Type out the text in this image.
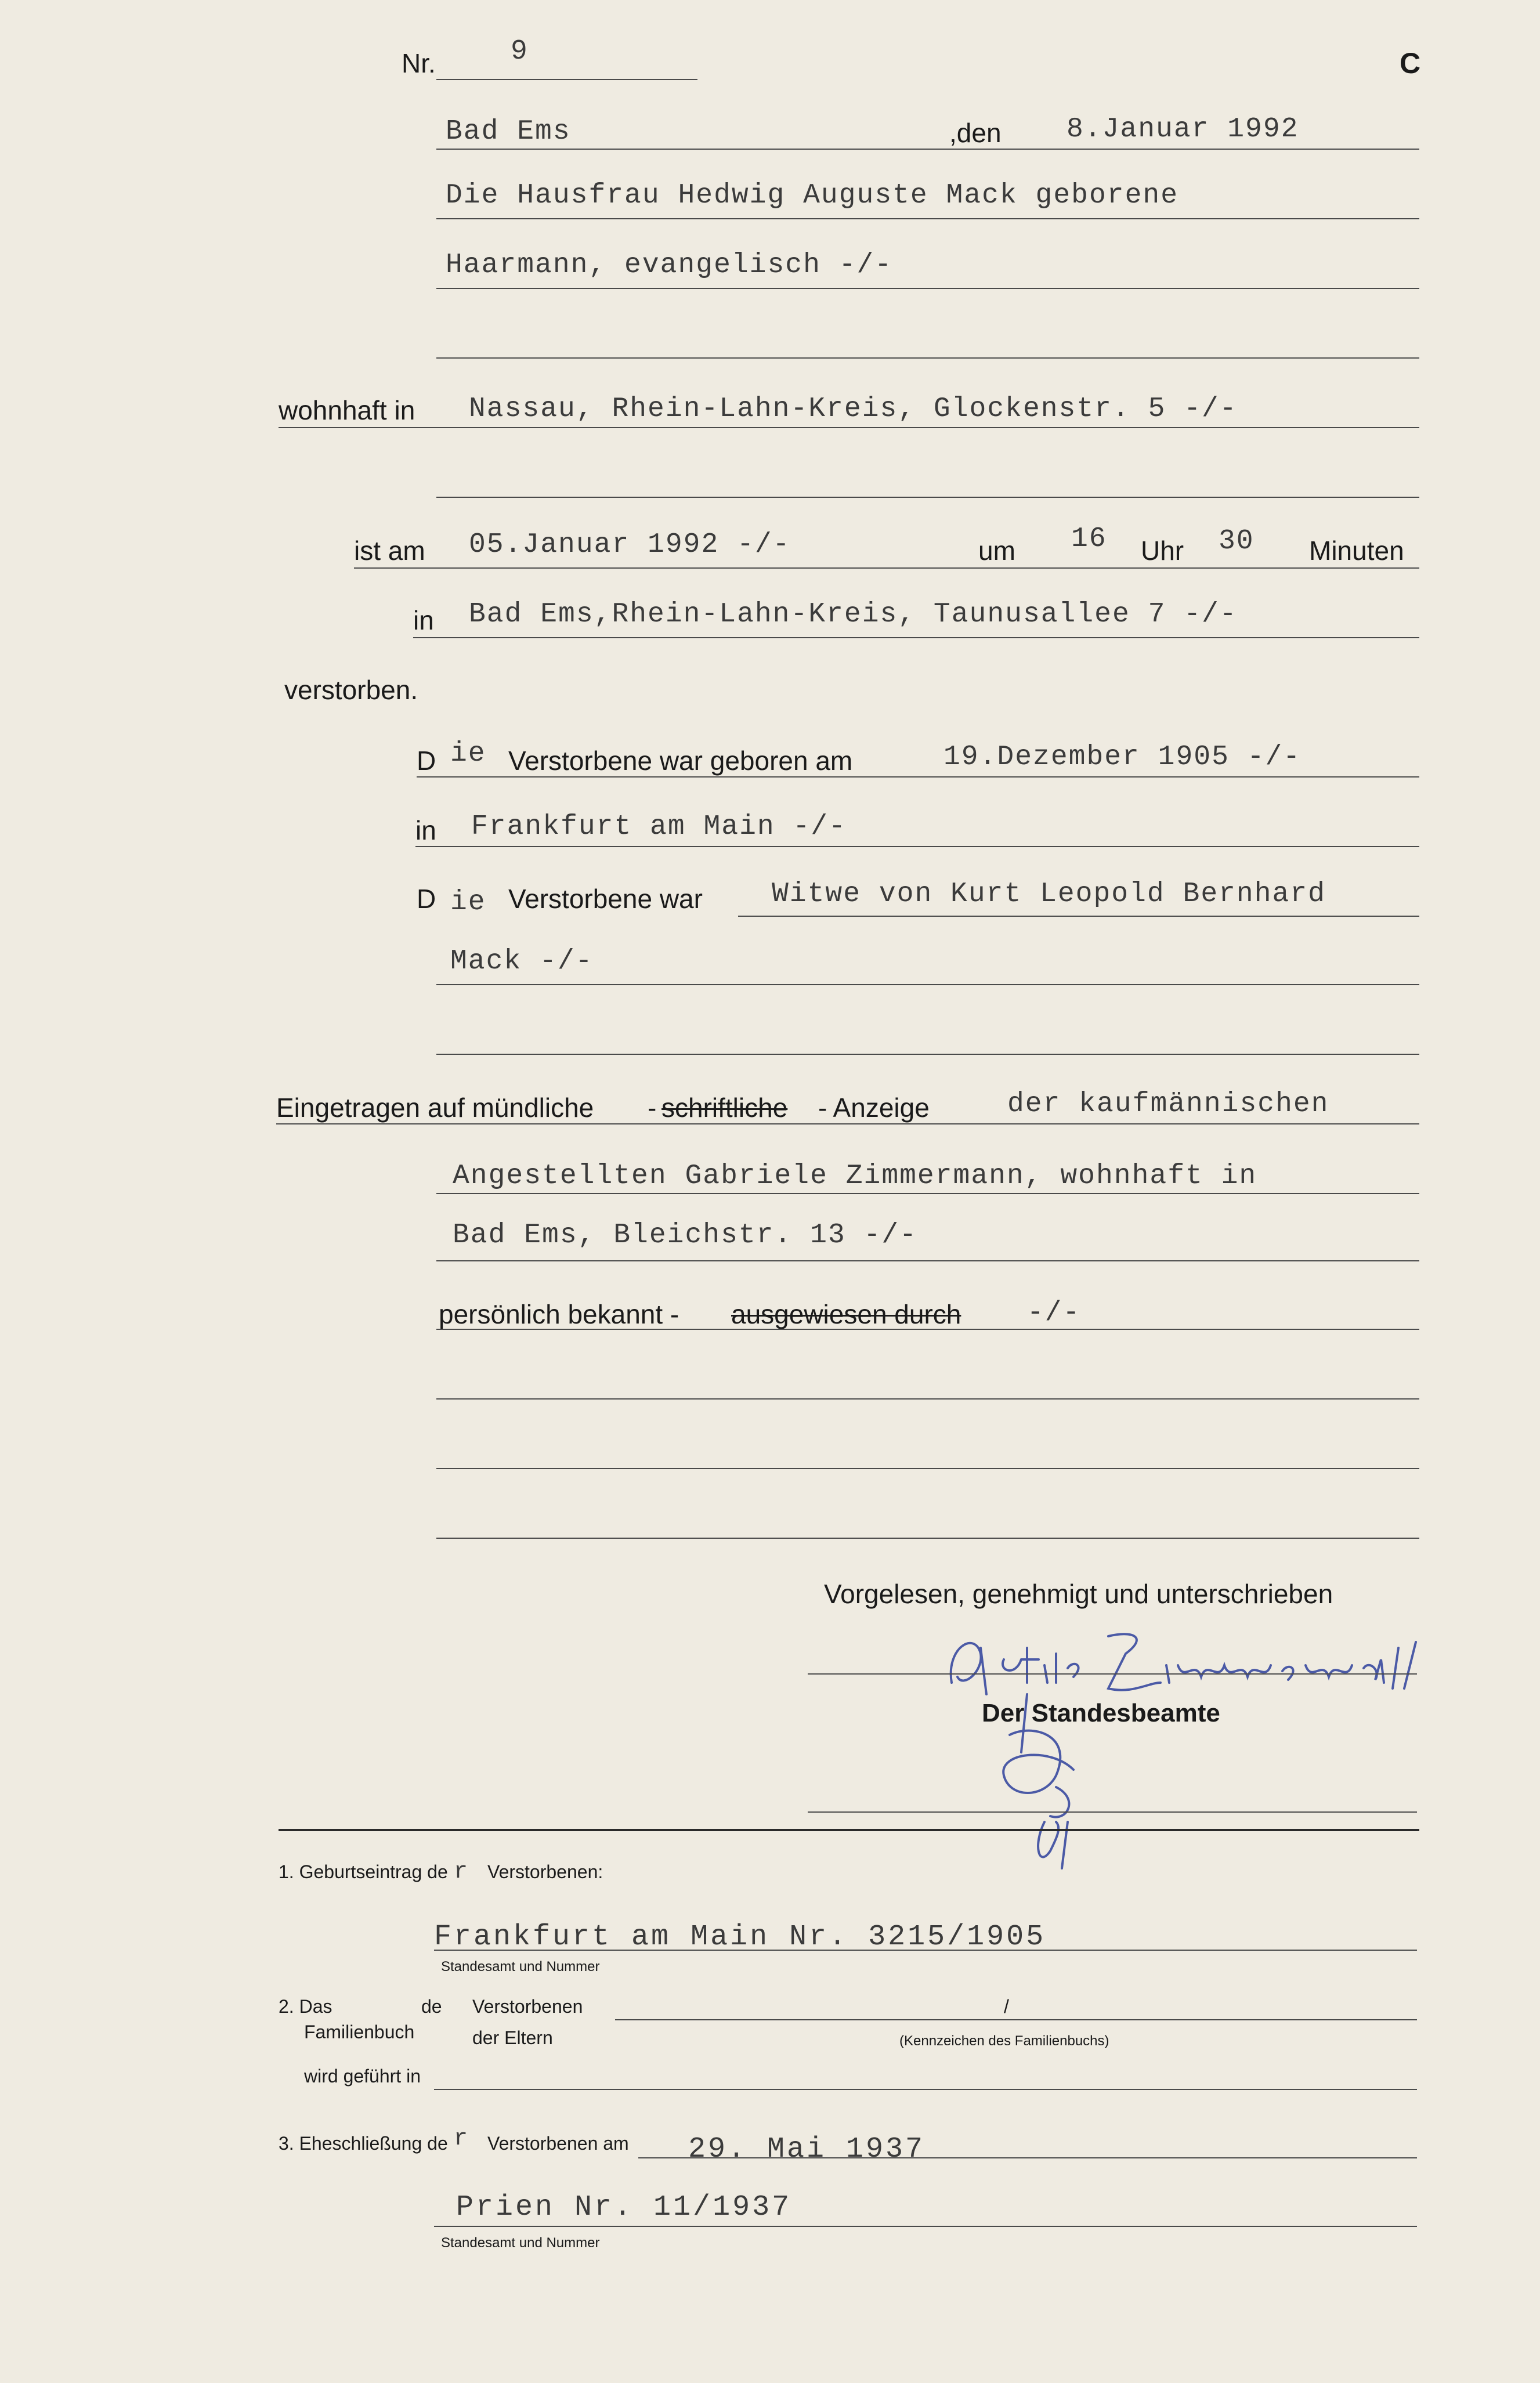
Nr.	9	C
Bad Ems	,den 8.Januar 1992
Die Hausfrau Hedwig Auguste Mack geborene
Haarmann, evangelisch -/-
wohnhaft in Nassau, Rhein-Lahn-Kreis, Glockenstr. 5 -/-
ist am 05.Januar 1992 -/-	um 16 Uhr 30 Minuten
in Bad Ems,Rhein-Lahn-Kreis, Taunusallee 7 -/-
verstorben.
D ie Verstorbene war geboren am	19.Dezember 1905 -/-
in Frankfurt am Main -/-
D ie Verstorbene war Witwe von Kurt Leopold Bernhard
Mack -/-
Eingetragen auf mündliche - schriftliche - Anzeige	der kaufmännischen
Angestellten Gabriele Zimmermann, wohnhaft in
Bad Ems, Bleichstr. 13 -/-
persönlich bekannt - ausgewiesen durch -/-
Vorgelesen, genehmigt und unterschrieben
Der Standesbeamte
1. Geburtseintrag de r Verstorbenen:
Frankfurt am Main Nr. 3215/1905
Standesamt und Nummer
2. Das
Familienbuch
de Verstorbenen
der Eltern
/
(Kennzeichen des Familienbuchs)
wird geführt in
3. Eheschließung de r Verstorbenen am 29. Mai 1937
Prien Nr. 11/1937
Standesamt und Nummer
